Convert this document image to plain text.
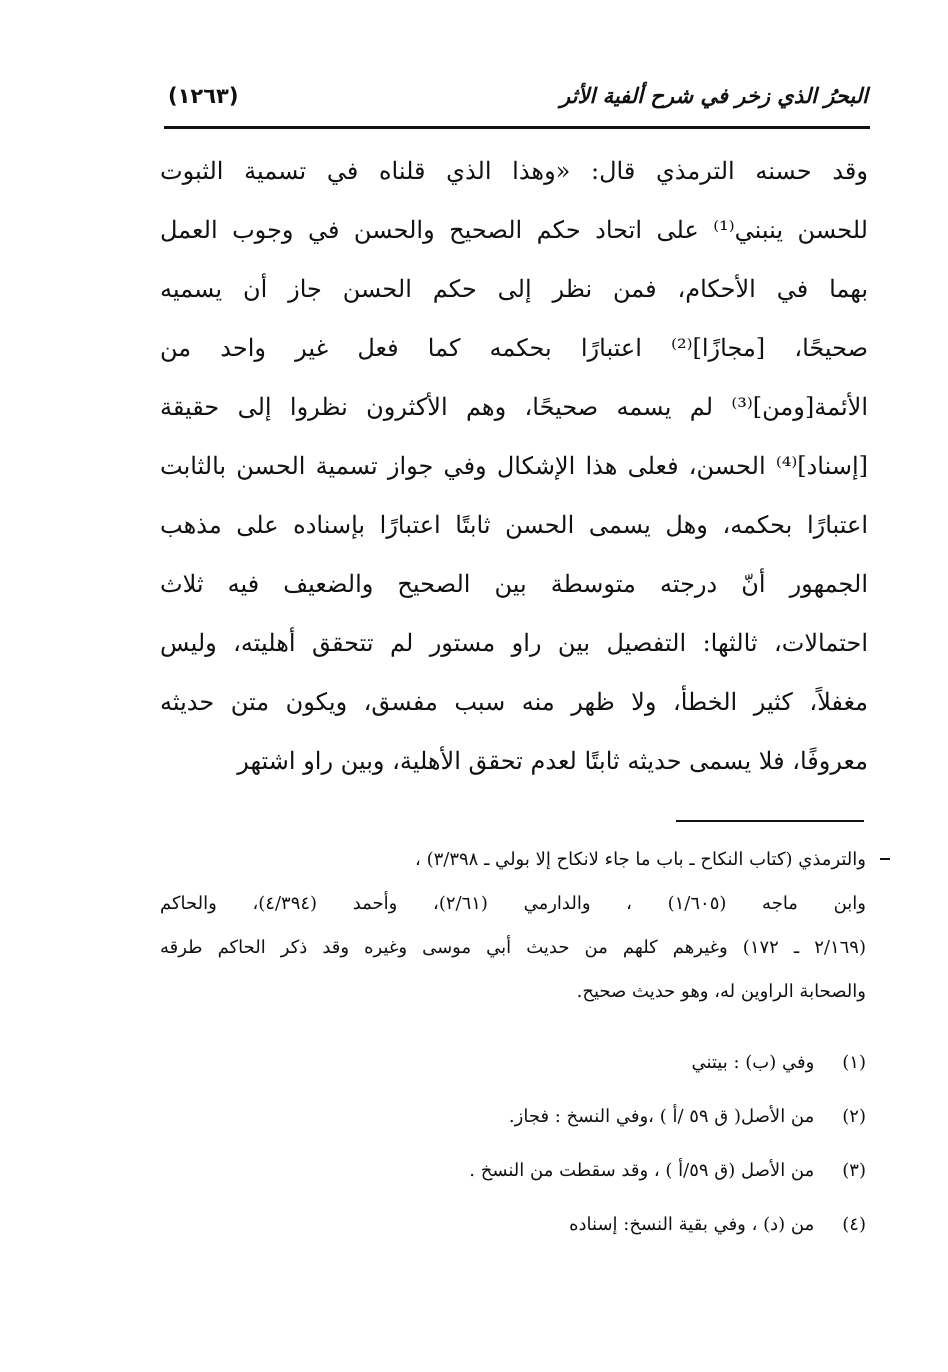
البحرُ الذي زخر في شرح ألفية الأثر
(١٢٦٣)
وقد حسنه الترمذي قال: «وهذا الذي قلناه في تسمية الثبوت
للحسن ينبني⁽¹⁾ على اتحاد حكم الصحيح والحسن في وجوب العمل
بهما في الأحكام، فمن نظر إلى حكم الحسن جاز أن يسميه
صحيحًا، [مجازًا]⁽²⁾ اعتبارًا بحكمه كما فعل غير واحد من
الأئمة[ومن]⁽³⁾ لم يسمه صحيحًا، وهم الأكثرون نظروا إلى حقيقة
[إسناد]⁽⁴⁾ الحسن، فعلى هذا الإشكال وفي جواز تسمية الحسن بالثابت
اعتبارًا بحكمه، وهل يسمى الحسن ثابتًا اعتبارًا بإسناده على مذهب
الجمهور أنّ درجته متوسطة بين الصحيح والضعيف فيه ثلاث
احتمالات، ثالثها: التفصيل بين راو مستور لم تتحقق أهليته، وليس
مغفلاً، كثير الخطأ، ولا ظهر منه سبب مفسق، ويكون متن حديثه
معروفًا، فلا يسمى حديثه ثابتًا لعدم تحقق الأهلية، وبين راو اشتهر
والترمذي (كتاب النكاح ـ باب ما جاء لانكاح إلا بولي ـ ٣/٣٩٨) ،
وابن ماجه (١/٦٠٥) ، والدارمي (٢/٦١)، وأحمد (٤/٣٩٤)، والحاكم
(٢/١٦٩ ـ ١٧٢) وغيرهم كلهم من حديث أبي موسى وغيره وقد ذكر الحاكم طرقه
والصحابة الراوين له، وهو حديث صحيح.
(١) وفي (ب) : بيتني
(٢) من الأصل( ق ٥٩ /أ ) ،وفي النسخ : فجاز.
(٣) من الأصل (ق ٥٩/أ ) ، وقد سقطت من النسخ .
(٤) من (د) ، وفي بقية النسخ: إسناده
